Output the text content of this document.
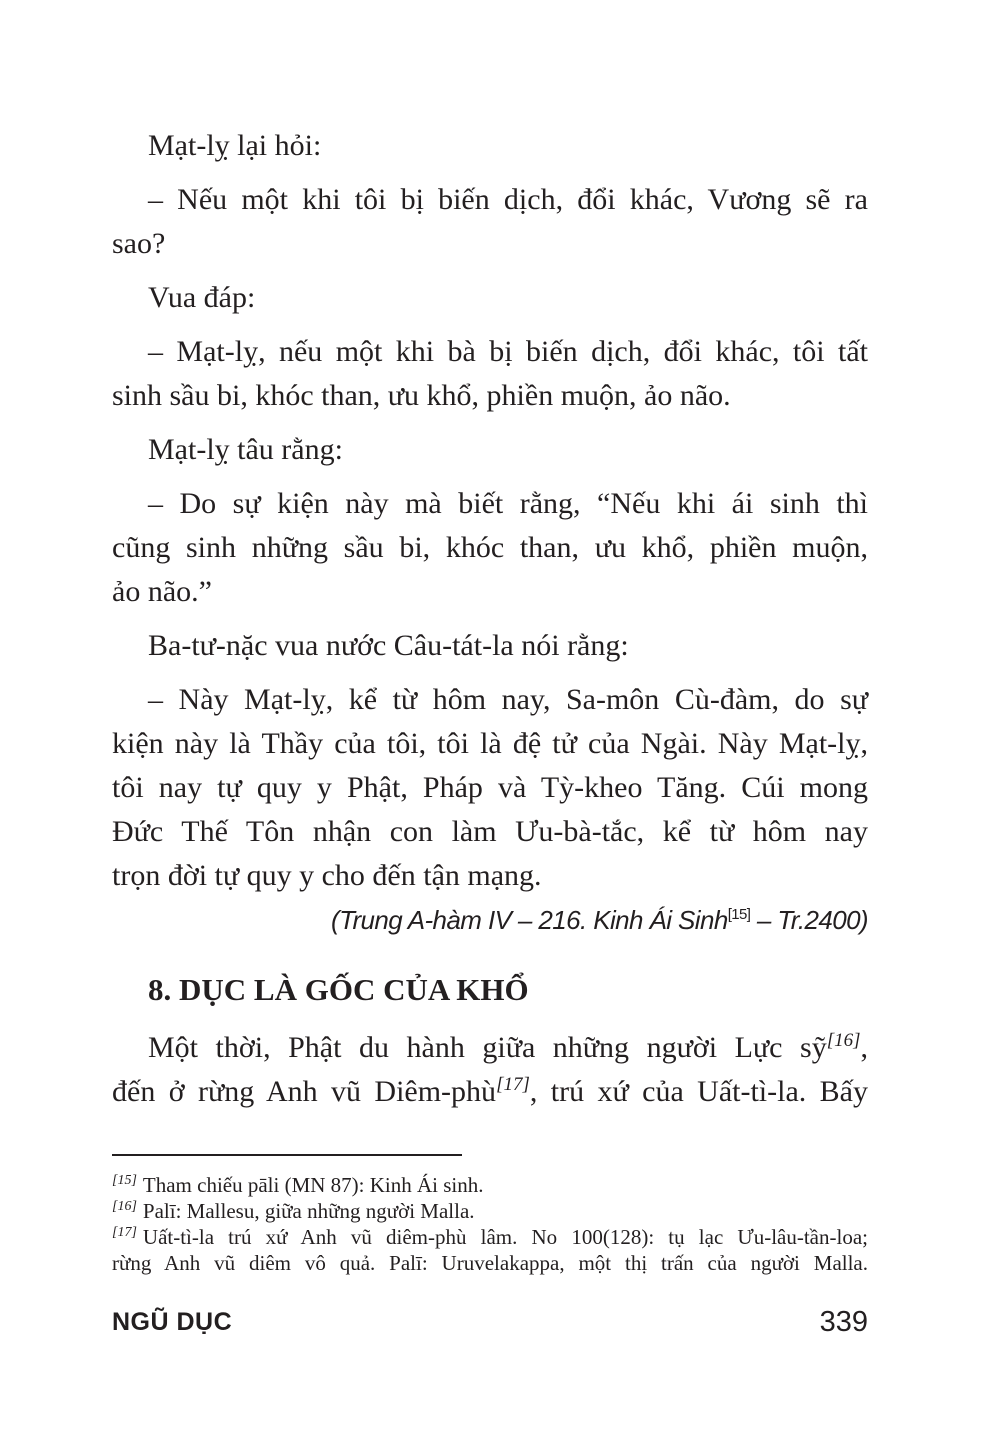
Mạt-lỵ lại hỏi:
– Nếu một khi tôi bị biến dịch, đổi khác, Vương sẽ ra
sao?
Vua đáp:
– Mạt-lỵ, nếu một khi bà bị biến dịch, đổi khác, tôi tất
sinh sầu bi, khóc than, ưu khổ, phiền muộn, ảo não.
Mạt-lỵ tâu rằng:
– Do sự kiện này mà biết rằng, “Nếu khi ái sinh thì
cũng sinh những sầu bi, khóc than, ưu khổ, phiền muộn,
ảo não.”
Ba-tư-nặc vua nước Câu-tát-la nói rằng:
– Này Mạt-lỵ, kể từ hôm nay, Sa-môn Cù-đàm, do sự
kiện này là Thầy của tôi, tôi là đệ tử của Ngài. Này Mạt-lỵ,
tôi nay tự quy y Phật, Pháp và Tỳ-kheo Tăng. Cúi mong
Đức Thế Tôn nhận con làm Ưu-bà-tắc, kể từ hôm nay
trọn đời tự quy y cho đến tận mạng.
(Trung A-hàm IV – 216. Kinh Ái Sinh[15] – Tr.2400)
8. DỤC LÀ GỐC CỦA KHỔ
Một thời, Phật du hành giữa những người Lực sỹ[16],
đến ở rừng Anh vũ Diêm-phù[17], trú xứ của Uất-tì-la. Bấy
[15] Tham chiếu pāli (MN 87): Kinh Ái sinh.
[16] Palī: Mallesu, giữa những người Malla.
[17] Uất-tì-la trú xứ Anh vũ diêm-phù lâm. No 100(128): tụ lạc Ưu-lâu-tần-loa;
rừng Anh vũ diêm vô quả. Palī: Uruvelakappa, một thị trấn của người Malla.
NGŨ DỤC	339
